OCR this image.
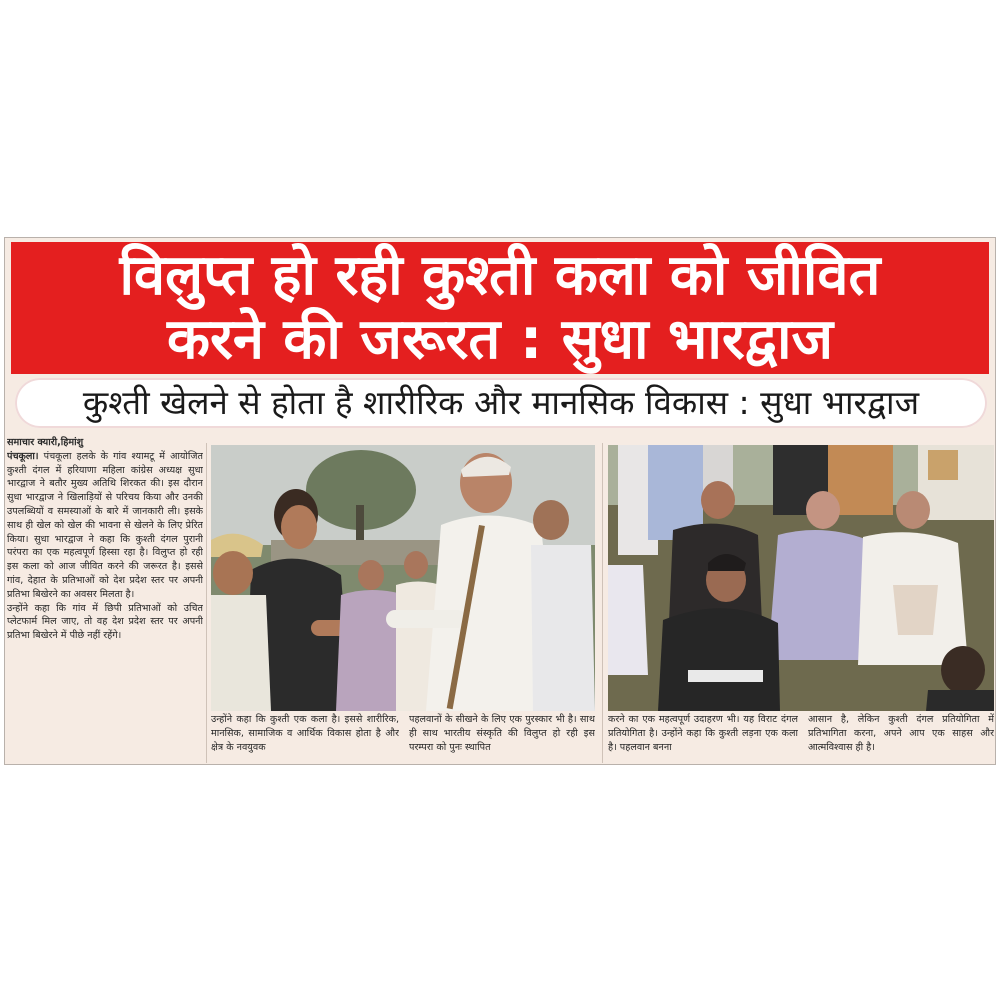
विलुप्त हो रही कुश्ती कला को जीवित
करने की जरूरत : सुधा भारद्वाज
कुश्ती खेलने से होता है शारीरिक और मानसिक विकास : सुधा भारद्वाज
समाचार क्यारी,हिमांशु
पंचकूला। पंचकूला हलके के गांव श्यामटू में आयोजित कुश्ती दंगल में हरियाणा महिला कांग्रेस अध्यक्ष सुधा भारद्वाज ने बतौर मुख्य अतिथि शिरकत की। इस दौरान सुधा भारद्वाज ने खिलाड़ियों से परिचय किया और उनकी उपलब्धियों व समस्याओं के बारे में जानकारी ली। इसके साथ ही खेल को खेल की भावना से खेलने के लिए प्रेरित किया। सुधा भारद्वाज ने कहा कि कुश्ती दंगल पुरानी परंपरा का एक महत्वपूर्ण हिस्सा रहा है। विलुप्त हो रही इस कला को आज जीवित करने की जरूरत है। इससे गांव, देहात के प्रतिभाओं को देश प्रदेश स्तर पर अपनी प्रतिभा बिखेरने का अवसर मिलता है।
उन्होंने कहा कि गांव में छिपी प्रतिभाओं को उचित प्लेटफार्म मिल जाए, तो वह देश प्रदेश स्तर पर अपनी प्रतिभा बिखेरने में पीछे नहीं रहेंगे।
उन्होंने कहा कि कुश्ती एक कला है। इससे शारीरिक, मानसिक, सामाजिक व आर्थिक विकास होता है और क्षेत्र के नवयुवक
पहलवानों के सीखने के लिए एक पुरस्कार भी है। साथ ही साथ भारतीय संस्कृति की विलुप्त हो रही इस परम्परा को पुनः स्थापित
करने का एक महत्वपूर्ण उदाहरण भी। यह विराट दंगल प्रतियोगिता है। उन्होंने कहा कि कुश्ती लड़ना एक कला है। पहलवान बनना
आसान है, लेकिन कुश्ती दंगल प्रतियोगिता में प्रतिभागिता करना, अपने आप एक साहस और आत्मविश्वास ही है।
